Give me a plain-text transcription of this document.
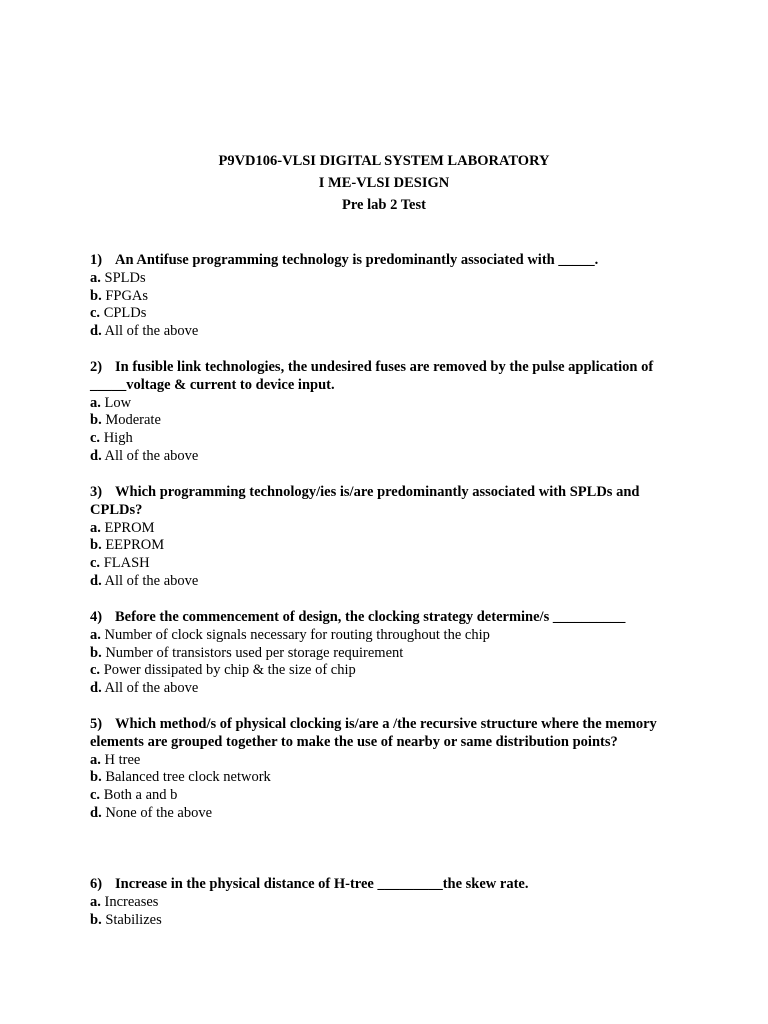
P9VD106-VLSI DIGITAL SYSTEM LABORATORY
I ME-VLSI DESIGN
Pre lab 2 Test
1) An Antifuse programming technology is predominantly associated with _____.
a. SPLDs
b. FPGAs
c. CPLDs
d. All of the above
2) In fusible link technologies, the undesired fuses are removed by the pulse application of _____voltage & current to device input.
a. Low
b. Moderate
c. High
d. All of the above
3) Which programming technology/ies is/are predominantly associated with SPLDs and CPLDs?
a. EPROM
b. EEPROM
c. FLASH
d. All of the above
4) Before the commencement of design, the clocking strategy determine/s __________
a. Number of clock signals necessary for routing throughout the chip
b. Number of transistors used per storage requirement
c. Power dissipated by chip & the size of chip
d. All of the above
5) Which method/s of physical clocking is/are a /the recursive structure where the memory elements are grouped together to make the use of nearby or same distribution points?
a. H tree
b. Balanced tree clock network
c. Both a and b
d. None of the above
6) Increase in the physical distance of H-tree _________the skew rate.
a. Increases
b. Stabilizes
